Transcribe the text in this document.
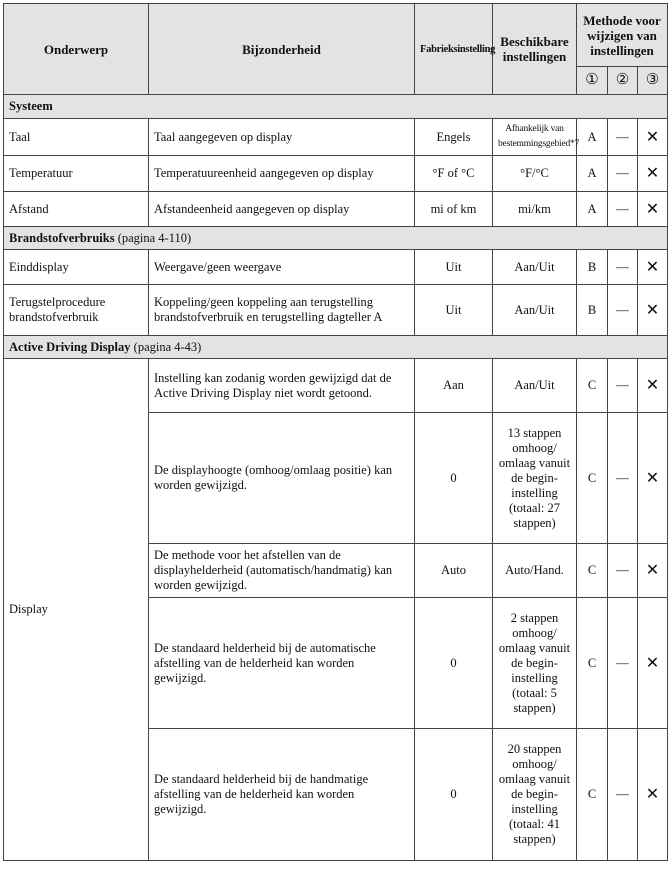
Onderwerp	Bijzonderheid	Fabrieksinstelling	Beschikbare instellingen	Methode voor wijzigen van instellingen		
				①	②	③
Systeem						
Taal	Taal aangegeven op display	Engels	Afhankelijk van bestemmingsgebied*7	A	—	✕
Temperatuur	Temperatuureenheid aangegeven op display	°F of °C	°F/°C	A	—	✕
Afstand	Afstandeenheid aangegeven op display	mi of km	mi/km	A	—	✕
Brandstofverbruiks (pagina 4-110)						
Einddisplay	Weergave/geen weergave	Uit	Aan/Uit	B	—	✕
Terugstelprocedure brandstofverbruik	Koppeling/geen koppeling aan terugstelling brandstofverbruik en terugstelling dagteller A	Uit	Aan/Uit	B	—	✕
Active Driving Display (pagina 4-43)						
Display	Instelling kan zodanig worden gewijzigd dat de Active Driving Display niet wordt getoond.	Aan	Aan/Uit	C	—	✕
	De displayhoogte (omhoog/omlaag positie) kan worden gewijzigd.	0	13 stappen omhoog/ omlaag vanuit de begin- instelling (totaal: 27 stappen)	C	—	✕
	De methode voor het afstellen van de displayhelderheid (automatisch/handmatig) kan worden gewijzigd.	Auto	Auto/Hand.	C	—	✕
	De standaard helderheid bij de automatische afstelling van de helderheid kan worden gewijzigd.	0	2 stappen omhoog/ omlaag vanuit de begin- instelling (totaal: 5 stappen)	C	—	✕
	De standaard helderheid bij de handmatige afstelling van de helderheid kan worden gewijzigd.	0	20 stappen omhoog/ omlaag vanuit de begin- instelling (totaal: 41 stappen)	C	—	✕
